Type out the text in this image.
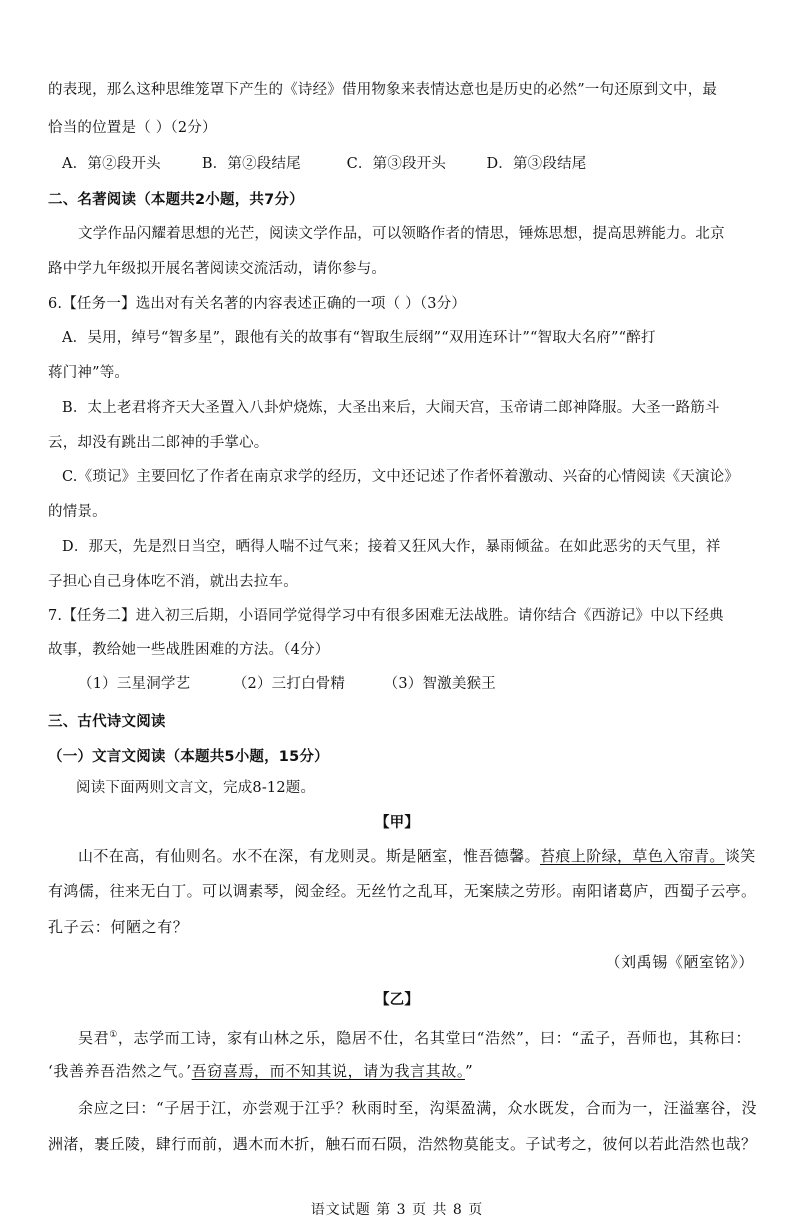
的表现，那么这种思维笼罩下产生的《诗经》借用物象来表情达意也是历史的必然”一句还原到文中，最
恰当的位置是（ ）（2分）
A．第②段开头	B．第②段结尾	C．第③段开头	D．第③段结尾
二、名著阅读（本题共2小题，共7分）
文学作品闪耀着思想的光芒，阅读文学作品，可以领略作者的情思，锤炼思想，提高思辨能力。北京
路中学九年级拟开展名著阅读交流活动，请你参与。
6.【任务一】选出对有关名著的内容表述正确的一项（ ）（3分）
A．吴用，绰号“智多星”，跟他有关的故事有“智取生辰纲”“双用连环计”“智取大名府”“醉打
蒋门神”等。
B．太上老君将齐天大圣置入八卦炉烧炼，大圣出来后，大闹天宫，玉帝请二郎神降服。大圣一路筋斗
云，却没有跳出二郎神的手掌心。
C.《琐记》主要回忆了作者在南京求学的经历，文中还记述了作者怀着激动、兴奋的心情阅读《天演论》
的情景。
D．那天，先是烈日当空，晒得人喘不过气来；接着又狂风大作，暴雨倾盆。在如此恶劣的天气里，祥
子担心自己身体吃不消，就出去拉车。
7.【任务二】进入初三后期，小语同学觉得学习中有很多困难无法战胜。请你结合《西游记》中以下经典
故事，教给她一些战胜困难的方法。（4分）
（1）三星洞学艺	（2）三打白骨精	（3）智激美猴王
三、古代诗文阅读
（一）文言文阅读（本题共5小题，15分）
阅读下面两则文言文，完成8-12题。
【甲】
山不在高，有仙则名。水不在深，有龙则灵。斯是陋室，惟吾德馨。苔痕上阶绿，草色入帘青。谈笑
有鸿儒，往来无白丁。可以调素琴，阅金经。无丝竹之乱耳，无案牍之劳形。南阳诸葛庐，西蜀子云亭。
孔子云：何陋之有？
（刘禹锡《陋室铭》）
【乙】
吴君①，志学而工诗，家有山林之乐，隐居不仕，名其堂曰“浩然”，曰：“孟子，吾师也，其称曰：
‘我善养吾浩然之气。’吾窃喜焉，而不知其说，请为我言其故。”
余应之曰：“子居于江，亦尝观于江乎？秋雨时至，沟渠盈满，众水既发，合而为一，汪溢塞谷，没
洲渚，裹丘陵，肆行而前，遇木而木折，触石而石陨，浩然物莫能支。子试考之，彼何以若此浩然也哉？
语文试题 第 3 页 共 8 页
